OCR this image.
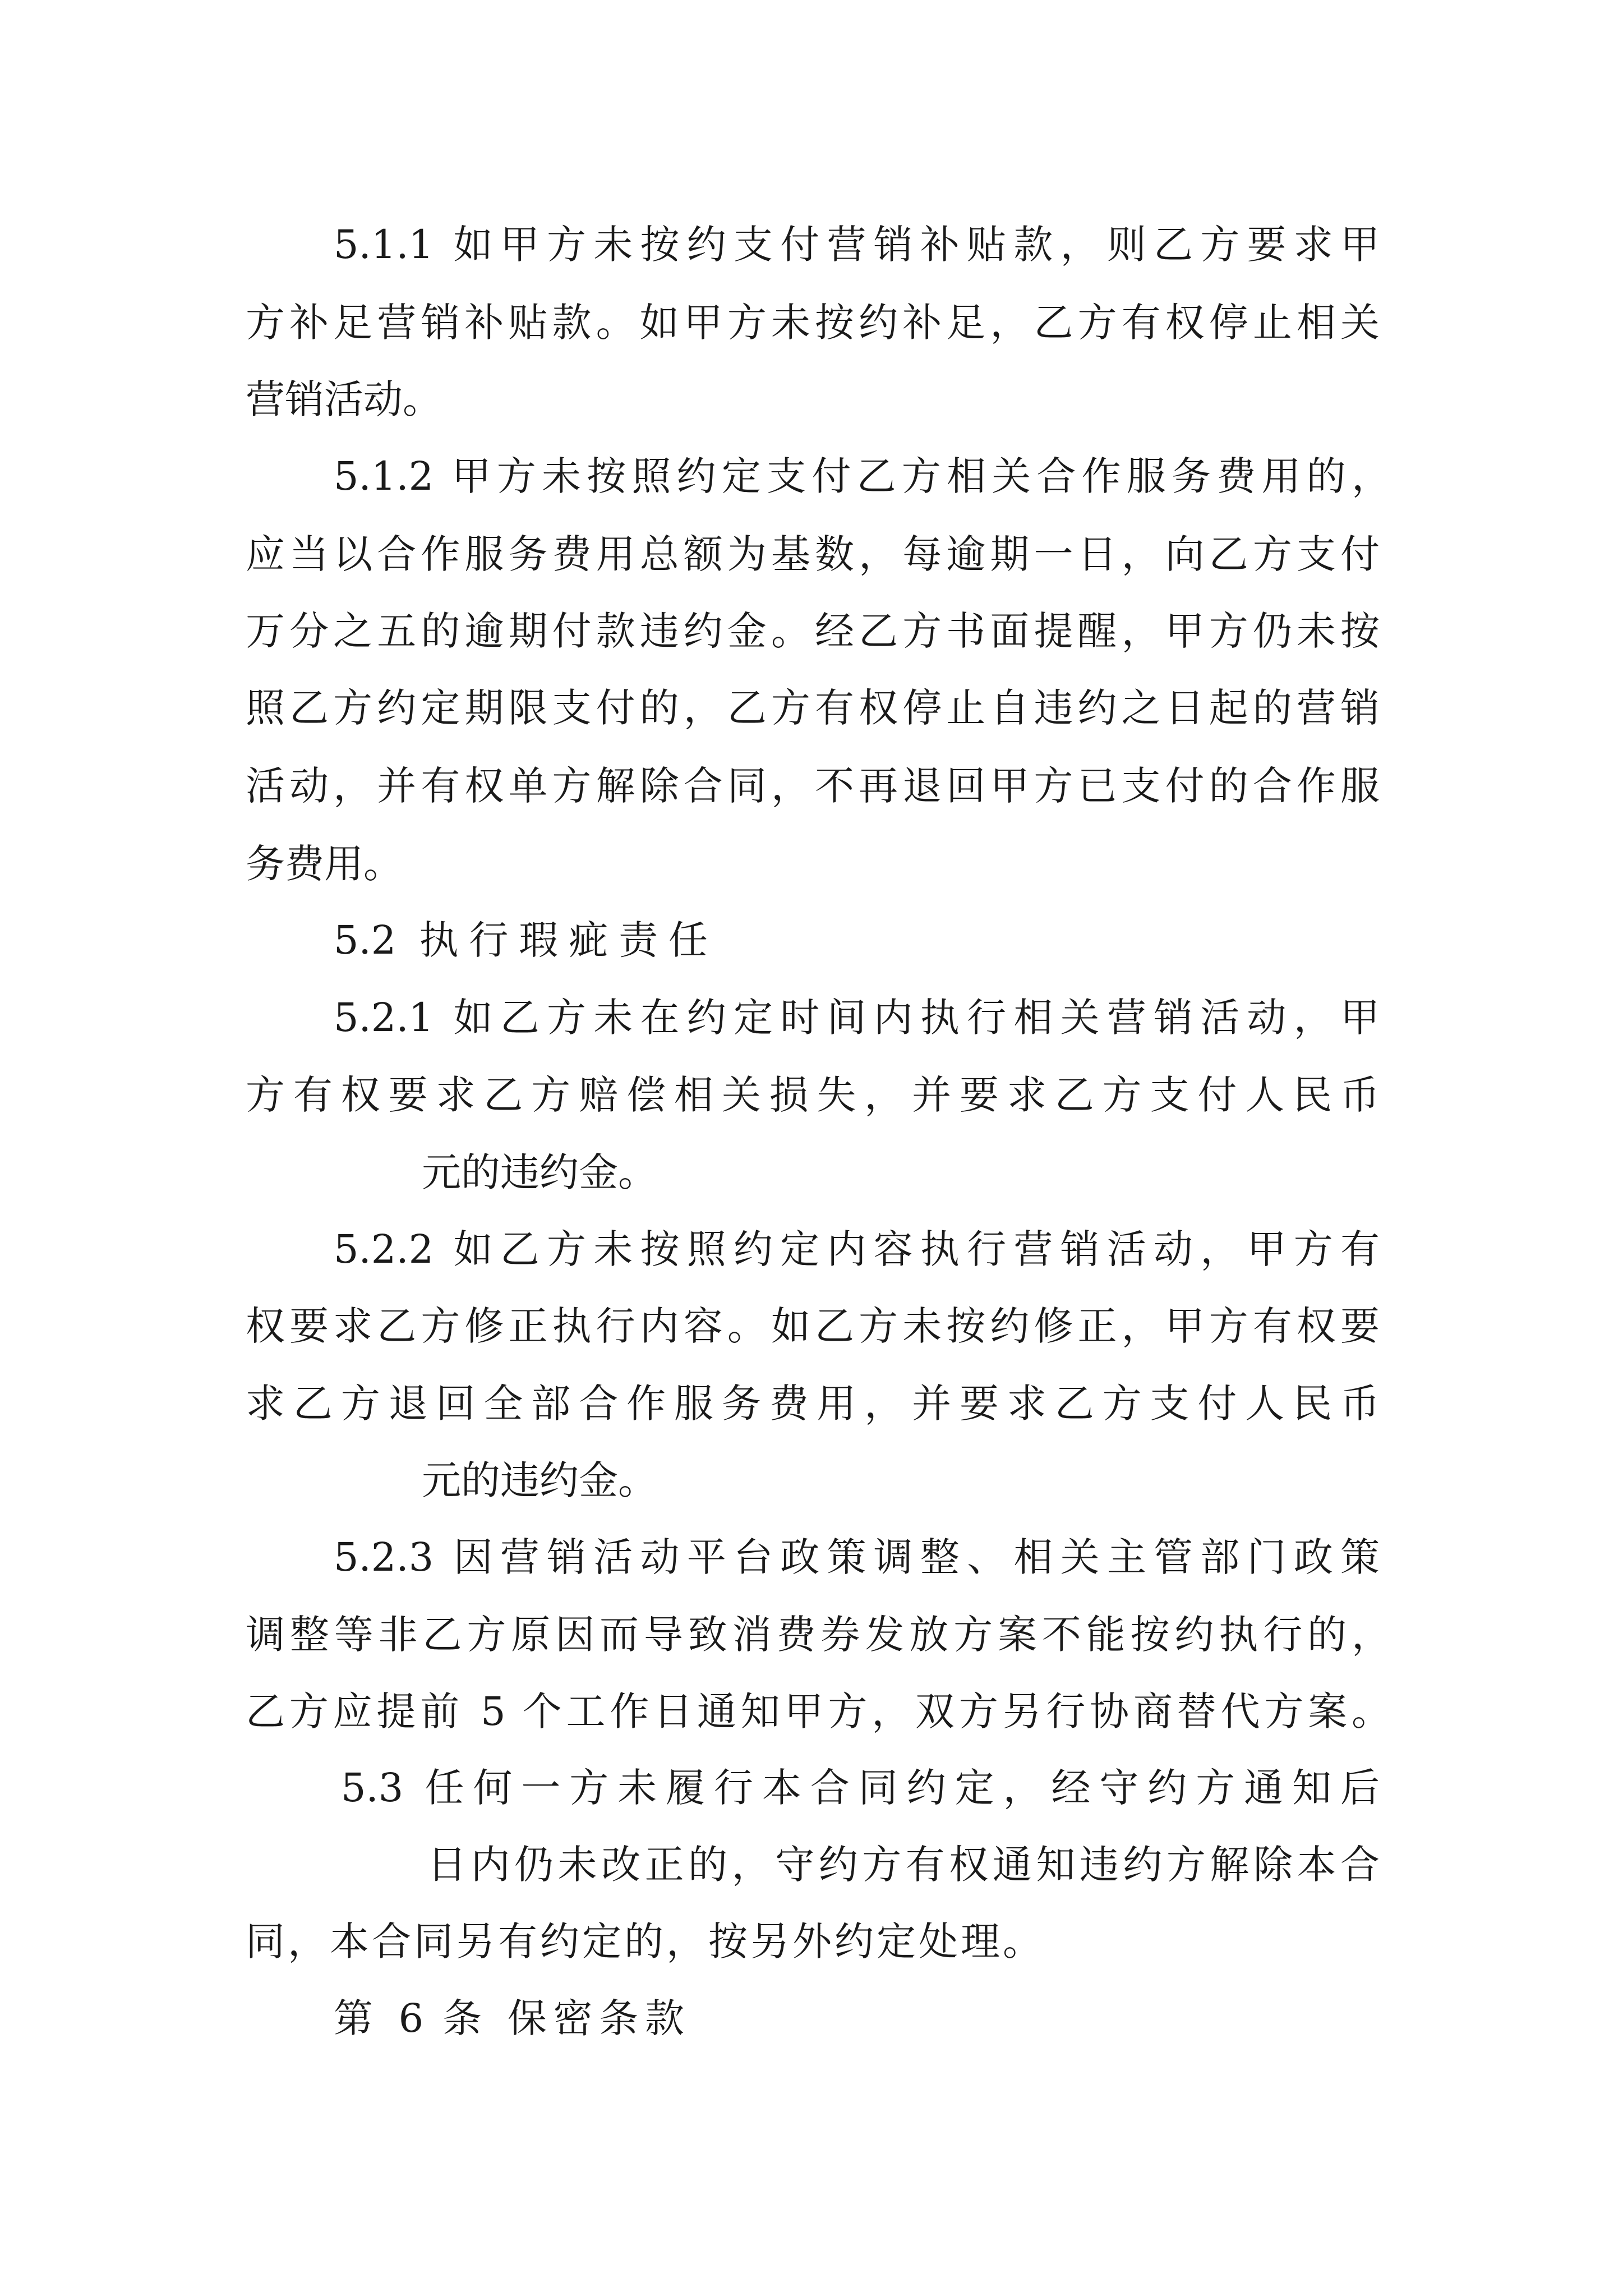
5.1.1 如甲方未按约支付营销补贴款，则乙方要求甲
方补足营销补贴款。如甲方未按约补足，乙方有权停止相关
营销活动。
5.1.2 甲方未按照约定支付乙方相关合作服务费用的，
应当以合作服务费用总额为基数，每逾期一日，向乙方支付
万分之五的逾期付款违约金。经乙方书面提醒，甲方仍未按
照乙方约定期限支付的，乙方有权停止自违约之日起的营销
活动，并有权单方解除合同，不再退回甲方已支付的合作服
务费用。
5.2 执行瑕疵责任
5.2.1 如乙方未在约定时间内执行相关营销活动，甲
方有权要求乙方赔偿相关损失，并要求乙方支付人民币
元的违约金。
5.2.2 如乙方未按照约定内容执行营销活动，甲方有
权要求乙方修正执行内容。如乙方未按约修正，甲方有权要
求乙方退回全部合作服务费用，并要求乙方支付人民币
元的违约金。
5.2.3 因营销活动平台政策调整、相关主管部门政策
调整等非乙方原因而导致消费券发放方案不能按约执行的，
乙方应提前 5 个工作日通知甲方，双方另行协商替代方案。
5.3 任何一方未履行本合同约定，经守约方通知后
日内仍未改正的，守约方有权通知违约方解除本合
同，本合同另有约定的，按另外约定处理。
第 6 条 保密条款
